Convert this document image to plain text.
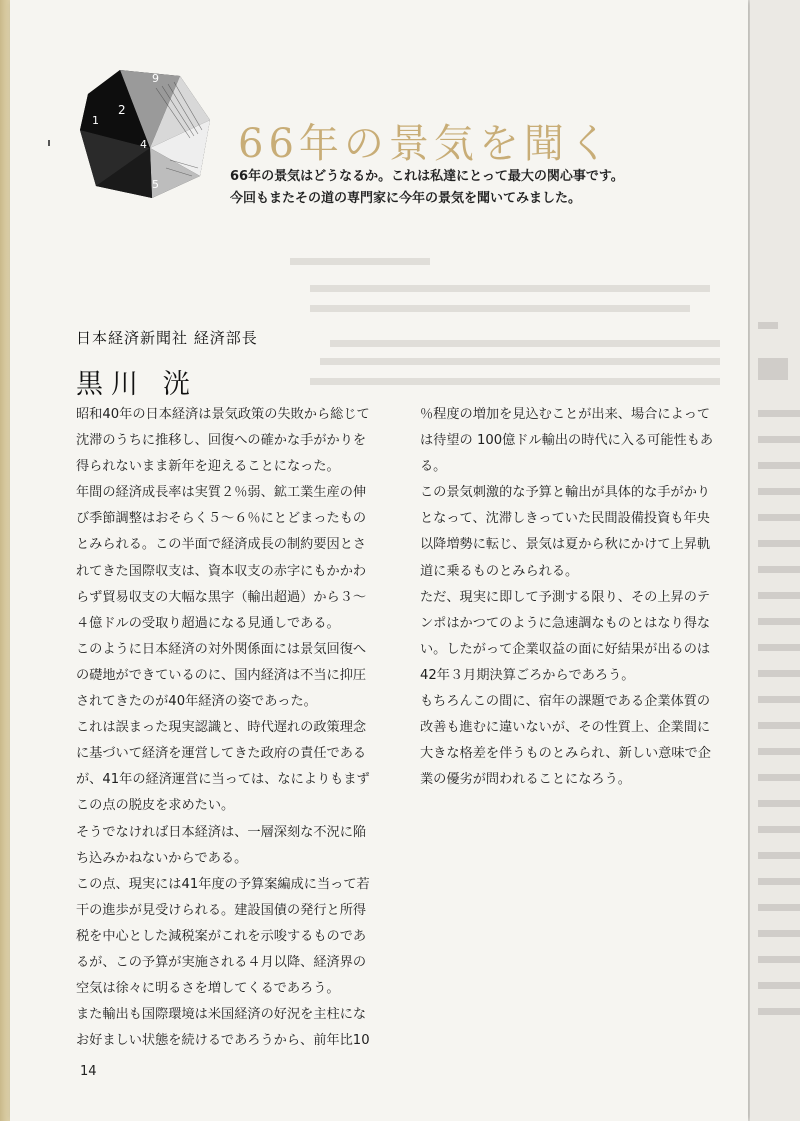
9
2
1
4
5
66年の景気を聞く
66年の景気はどうなるか。これは私達にとって最大の関心事です。
今回もまたその道の専門家に今年の景気を聞いてみました。
日本経済新聞社 経済部長
黒川 洸
昭和40年の日本経済は景気政策の失敗から総じて
沈滞のうちに推移し、回復への確かな手がかりを
得られないまま新年を迎えることになった。
年間の経済成長率は実質２％弱、鉱工業生産の伸
び季節調整はおそらく５～６％にとどまったもの
とみられる。この半面で経済成長の制約要因とさ
れてきた国際収支は、資本収支の赤字にもかかわ
らず貿易収支の大幅な黒字（輸出超過）から３～
４億ドルの受取り超過になる見通しである。
このように日本経済の対外関係面には景気回復へ
の礎地ができているのに、国内経済は不当に抑圧
されてきたのが40年経済の姿であった。
これは誤まった現実認識と、時代遅れの政策理念
に基づいて経済を運営してきた政府の責任である
が、41年の経済運営に当っては、なによりもまず
この点の脱皮を求めたい。
そうでなければ日本経済は、一層深刻な不況に陥
ち込みかねないからである。
この点、現実には41年度の予算案編成に当って若
干の進歩が見受けられる。建設国債の発行と所得
税を中心とした減税案がこれを示唆するものであ
るが、この予算が実施される４月以降、経済界の
空気は徐々に明るさを増してくるであろう。
また輸出も国際環境は米国経済の好況を主柱にな
お好ましい状態を続けるであろうから、前年比10
％程度の増加を見込むことが出来、場合によって
は待望の 100億ドル輸出の時代に入る可能性もあ
る。
この景気刺激的な予算と輸出が具体的な手がかり
となって、沈滞しきっていた民間設備投資も年央
以降増勢に転じ、景気は夏から秋にかけて上昇軌
道に乗るものとみられる。
ただ、現実に即して予測する限り、その上昇のテ
ンポはかつてのように急速調なものとはなり得な
い。したがって企業収益の面に好結果が出るのは
42年３月期決算ごろからであろう。
もちろんこの間に、宿年の課題である企業体質の
改善も進むに違いないが、その性質上、企業間に
大きな格差を伴うものとみられ、新しい意味で企
業の優劣が問われることになろう。
14
